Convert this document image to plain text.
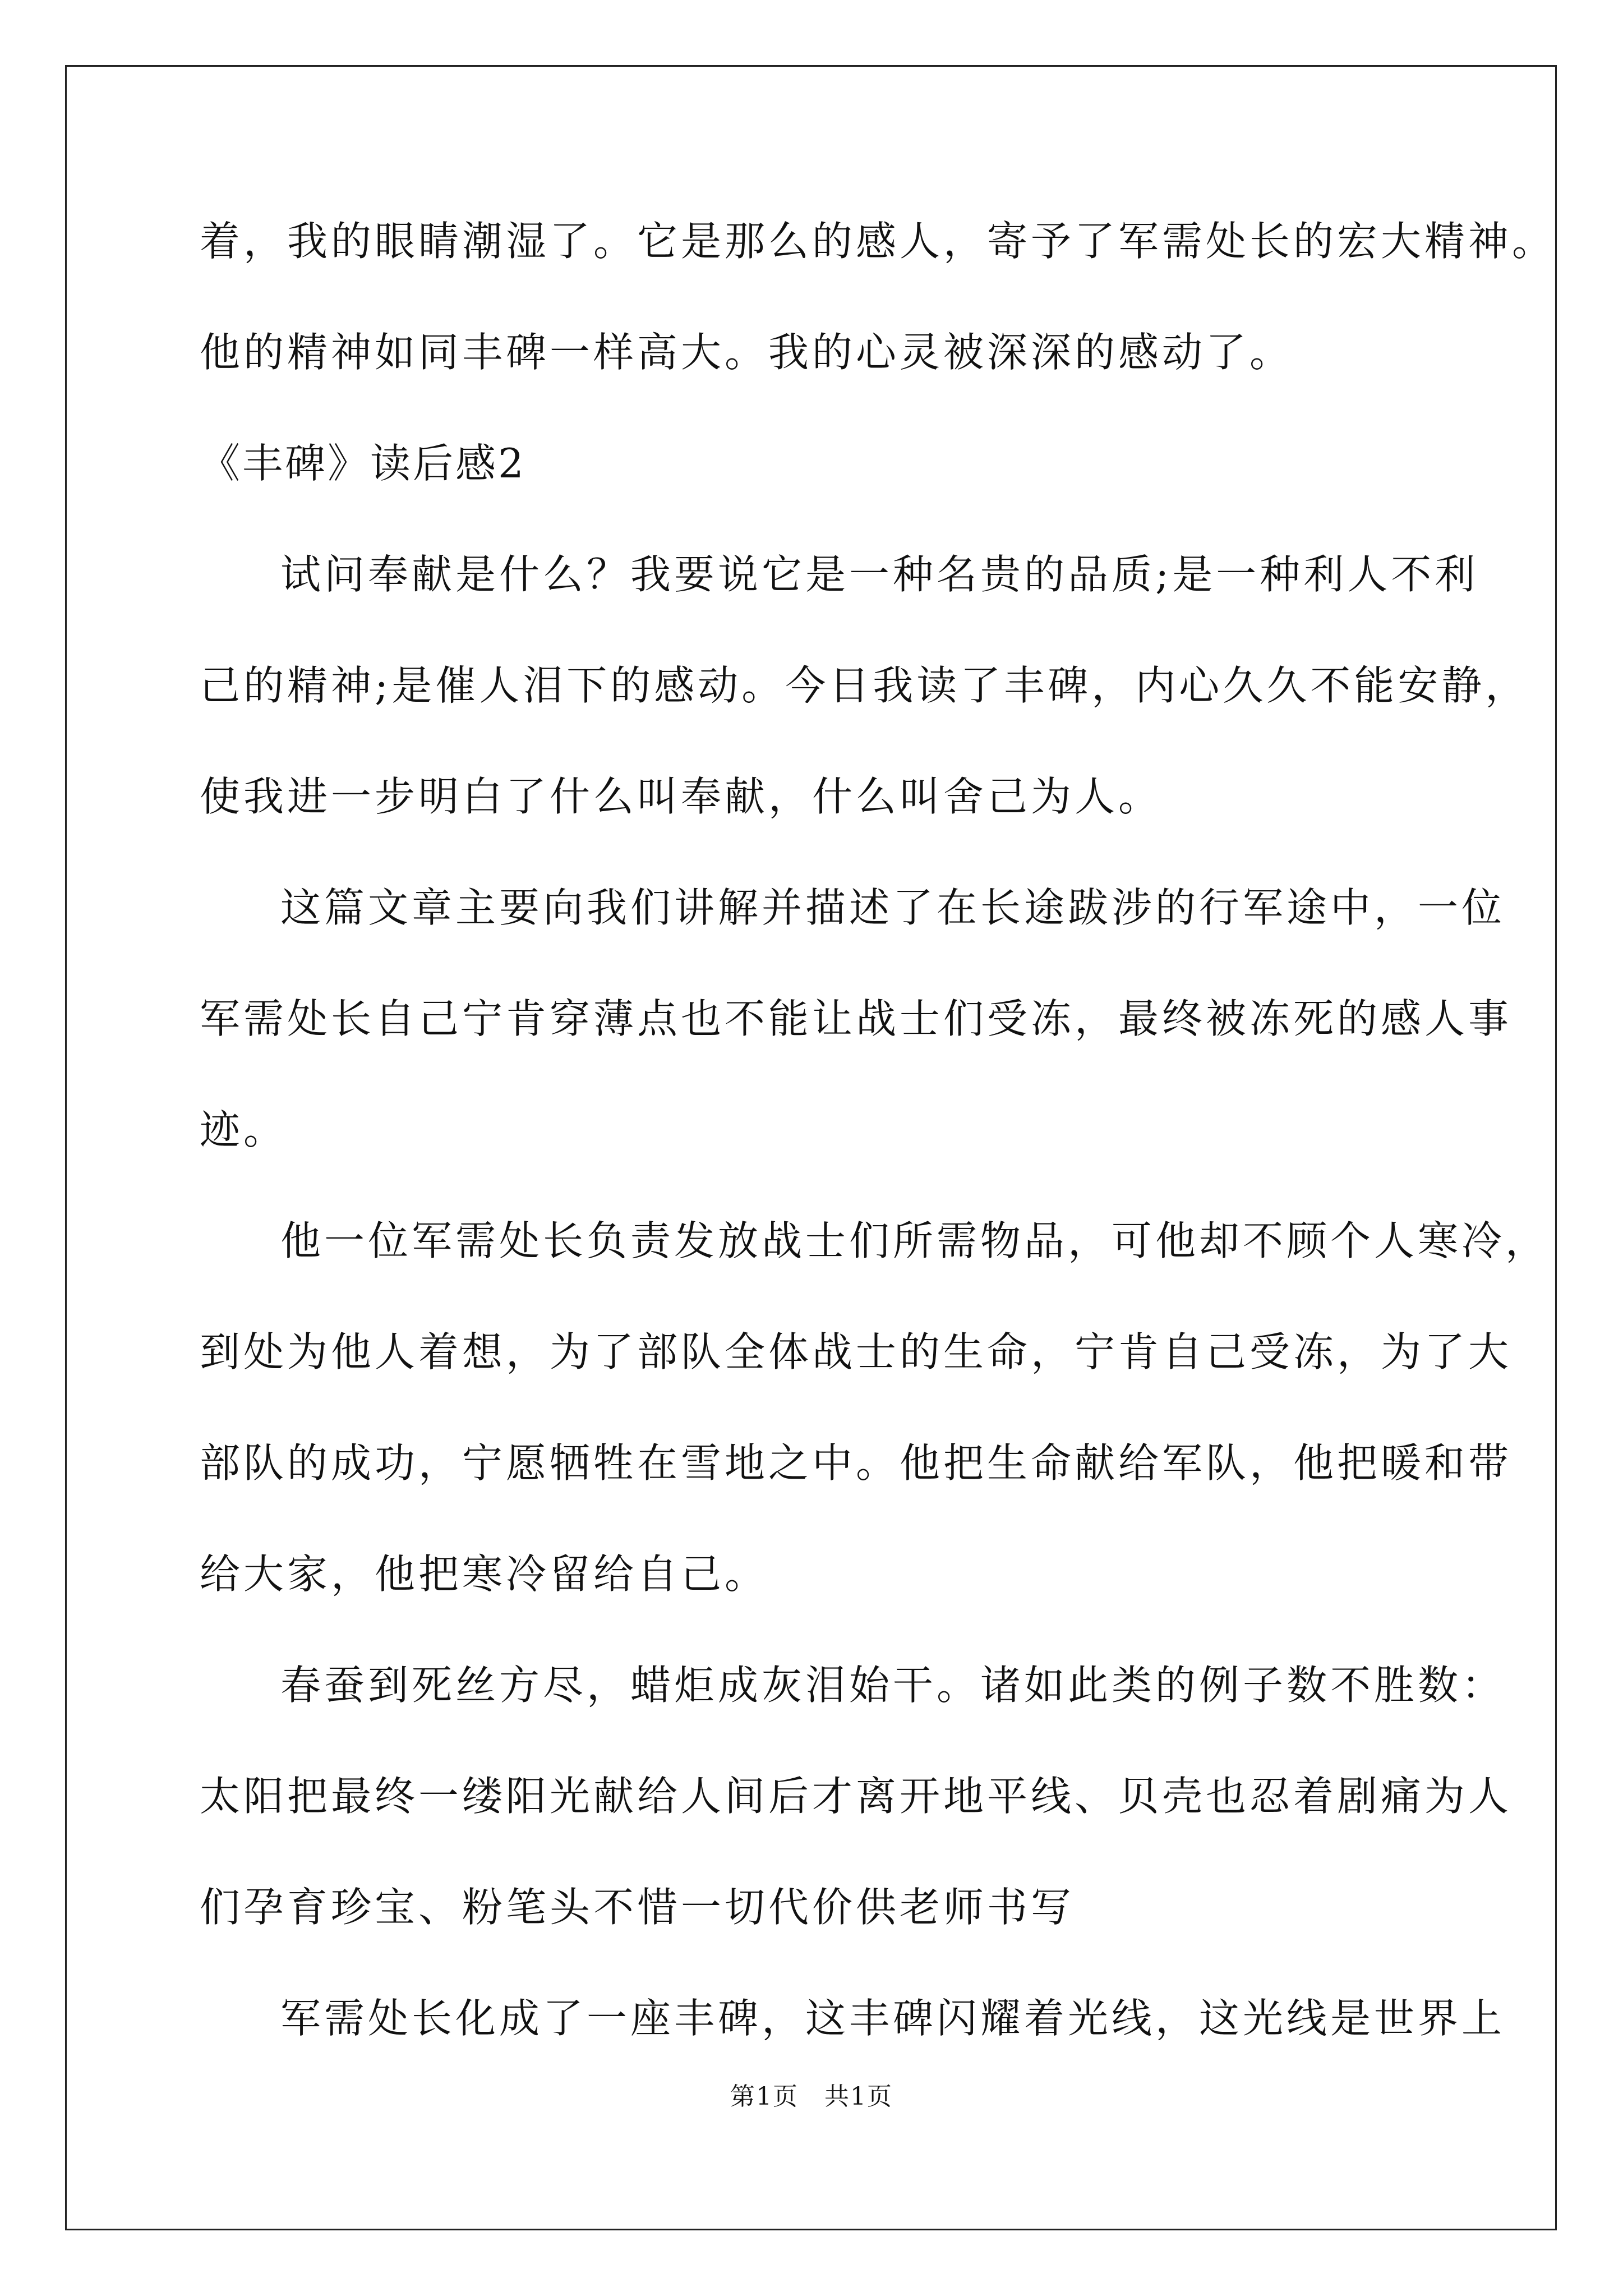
着，我的眼睛潮湿了。它是那么的感人，寄予了军需处长的宏大精神。
他的精神如同丰碑一样高大。我的心灵被深深的感动了。
《丰碑》读后感2
试问奉献是什么？我要说它是一种名贵的品质;是一种利人不利
己的精神;是催人泪下的感动。今日我读了丰碑，内心久久不能安静，
使我进一步明白了什么叫奉献，什么叫舍己为人。
这篇文章主要向我们讲解并描述了在长途跋涉的行军途中，一位
军需处长自己宁肯穿薄点也不能让战士们受冻，最终被冻死的感人事
迹。
他一位军需处长负责发放战士们所需物品，可他却不顾个人寒冷，
到处为他人着想，为了部队全体战士的生命，宁肯自己受冻，为了大
部队的成功，宁愿牺牲在雪地之中。他把生命献给军队，他把暖和带
给大家，他把寒冷留给自己。
春蚕到死丝方尽，蜡炬成灰泪始干。诸如此类的例子数不胜数：
太阳把最终一缕阳光献给人间后才离开地平线、贝壳也忍着剧痛为人
们孕育珍宝、粉笔头不惜一切代价供老师书写
军需处长化成了一座丰碑，这丰碑闪耀着光线，这光线是世界上
第1页　共1页
